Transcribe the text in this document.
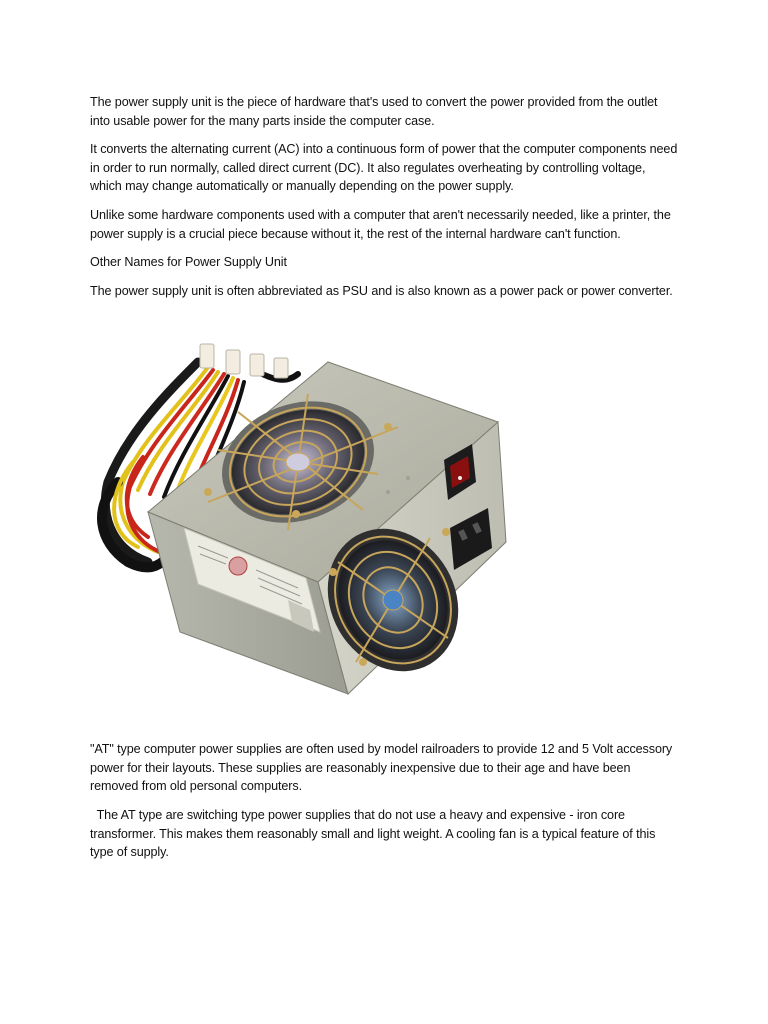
The power supply unit is the piece of hardware that's used to convert the power provided from the outlet into usable power for the many parts inside the computer case.

It converts the alternating current (AC) into a continuous form of power that the computer components need in order to run normally, called direct current (DC). It also regulates overheating by controlling voltage, which may change automatically or manually depending on the power supply.

Unlike some hardware components used with a computer that aren't necessarily needed, like a printer, the power supply is a crucial piece because without it, the rest of the internal hardware can't function.

Other Names for Power Supply Unit

The power supply unit is often abbreviated as PSU and is also known as a power pack or power converter.

"AT" type computer power supplies are often used by model railroaders to provide 12 and 5 Volt accessory power for their layouts. These supplies are reasonably inexpensive due to their age and have been removed from old personal computers.

The AT type are switching type power supplies that do not use a heavy and expensive - iron core transformer. This makes them reasonably small and light weight. A cooling fan is a typical feature of this type of supply.
